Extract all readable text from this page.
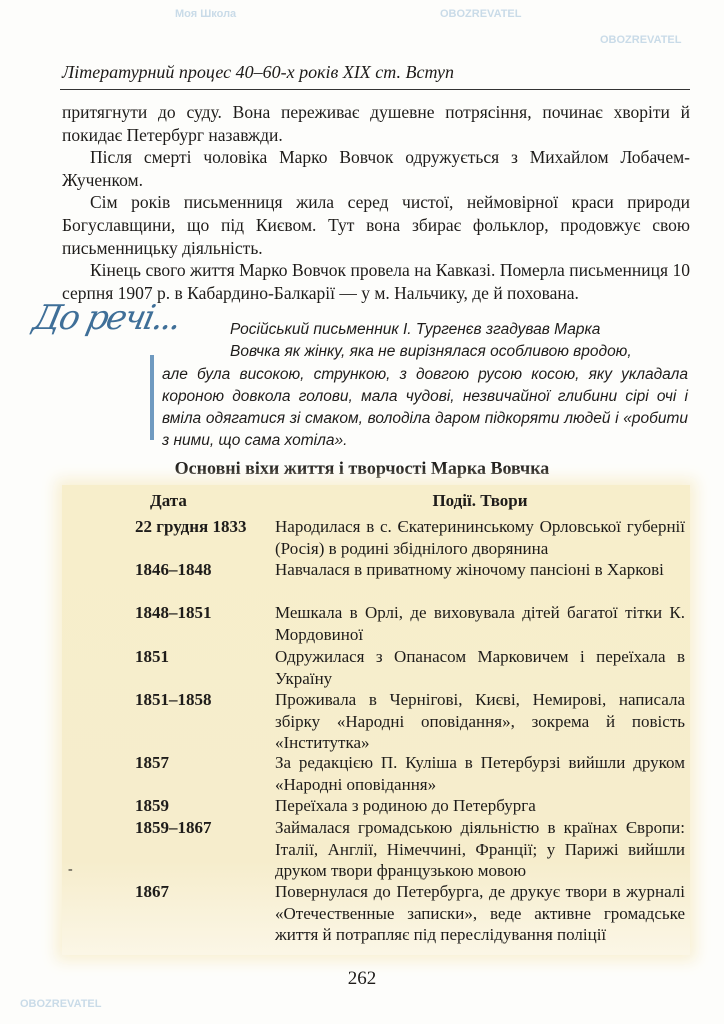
Моя Школа	OBOZREVATEL
OBOZREVATEL
OBOZREVATEL
Літературний процес 40–60-х років XIX ст. Вступ

притягнути до суду. Вона переживає душевне потрясіння, починає хворіти й покидає Петербург назавжди.

Після смерті чоловіка Марко Вовчок одружується з Михайлом Лобачем-Жученком.

Сім років письменниця жила серед чистої, неймовірної краси природи Богуславщини, що під Києвом. Тут вона збирає фольклор, продовжує свою письменницьку діяльність.

Кінець свого життя Марко Вовчок провела на Кавказі. Померла письменниця 10 серпня 1907 р. в Кабардино-Балкарії — у м. Нальчику, де й похована.

До речі...	Російський письменник І. Тургенєв згадував Марка
Вовчка як жінку, яка не вирізнялася особливою вродою,
але була високою, стрункою, з довгою русою косою, яку укладала короною довкола голови, мала чудові, незвичайної глибини сірі очі і вміла одягатися зі смаком, володіла даром підкоряти людей і «робити з ними, що сама хотіла».
Основні віхи життя і творчості Марка Вовчка
Дата	Події. Твори
22 грудня 1833	Народилася в с. Єкатерининському Орловської губернії (Росія) в родині збіднілого дворянина
1846–1848	Навчалася в приватному жіночому пансіоні в Харкові
1848–1851	Мешкала в Орлі, де виховувала дітей багатої тітки К. Мордовиної
1851	Одружилася з Опанасом Марковичем і переїхала в Україну
1851–1858	Проживала в Чернігові, Києві, Немирові, написала збірку «Народні оповідання», зокрема й повість «Інститутка»
1857	За редакцією П. Куліша в Петербурзі вийшли друком «Народні оповідання»
1859	Переїхала з родиною до Петербурга
1859–1867	Займалася громадською діяльністю в країнах Європи: Італії, Англії, Німеччині, Франції; у Парижі вийшли друком твори французькою мовою
1867	Повернулася до Петербурга, де друкує твори в журналі «Отечественные записки», веде активне громадське життя й потрапляє під переслідування поліції
-
262
